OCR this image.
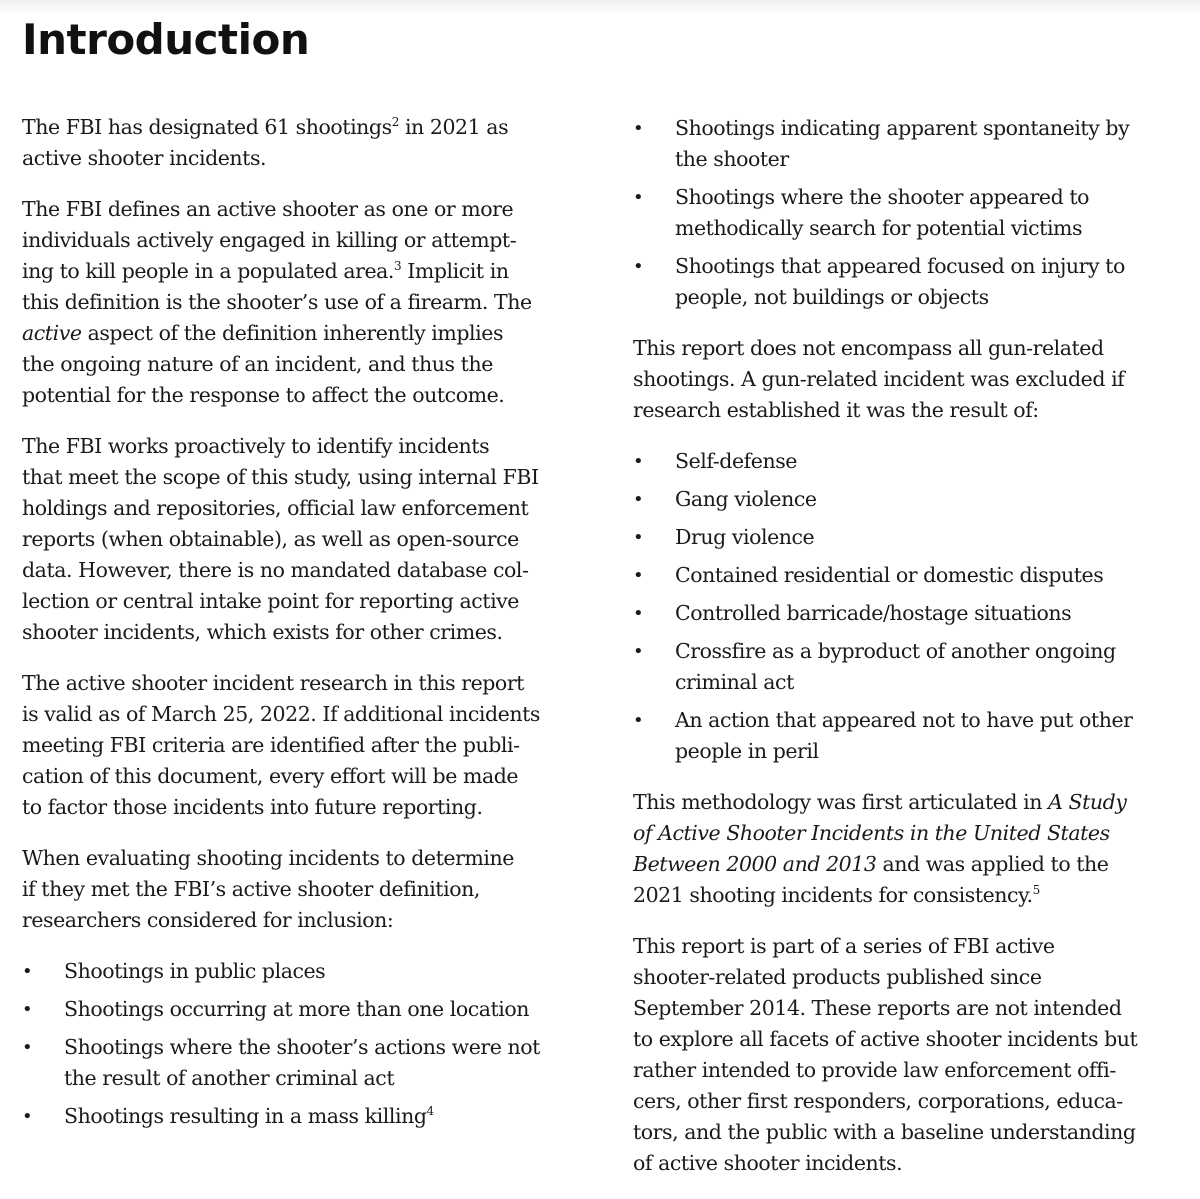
Introduction

The FBI has designated 61 shootings$^2$ in 2021 as
active shooter incidents.

The FBI defines an active shooter as one or more
individuals actively engaged in killing or attempt-
ing to kill people in a populated area.$^3$ Implicit in
this definition is the shooter’s use of a firearm. The
active aspect of the definition inherently implies
the ongoing nature of an incident, and thus the
potential for the response to affect the outcome.

The FBI works proactively to identify incidents
that meet the scope of this study, using internal FBI
holdings and repositories, official law enforcement
reports (when obtainable), as well as open-source
data. However, there is no mandated database col-
lection or central intake point for reporting active
shooter incidents, which exists for other crimes.

The active shooter incident research in this report
is valid as of March 25, 2022. If additional incidents
meeting FBI criteria are identified after the publi-
cation of this document, every effort will be made
to factor those incidents into future reporting.

When evaluating shooting incidents to determine
if they met the FBI’s active shooter definition,
researchers considered for inclusion:

• Shootings in public places
• Shootings occurring at more than one location
• Shootings where the shooter’s actions were not
the result of another criminal act
• Shootings resulting in a mass killing$^4$
• Shootings indicating apparent spontaneity by
the shooter
• Shootings where the shooter appeared to
methodically search for potential victims
• Shootings that appeared focused on injury to
people, not buildings or objects

This report does not encompass all gun-related
shootings. A gun-related incident was excluded if
research established it was the result of:

• Self-defense
• Gang violence
• Drug violence
• Contained residential or domestic disputes
• Controlled barricade/hostage situations
• Crossfire as a byproduct of another ongoing
criminal act
• An action that appeared not to have put other
people in peril

This methodology was first articulated in A Study
of Active Shooter Incidents in the United States
Between 2000 and 2013 and was applied to the
2021 shooting incidents for consistency.$^5$

This report is part of a series of FBI active
shooter-related products published since
September 2014. These reports are not intended
to explore all facets of active shooter incidents but
rather intended to provide law enforcement offi-
cers, other first responders, corporations, educa-
tors, and the public with a baseline understanding
of active shooter incidents.
